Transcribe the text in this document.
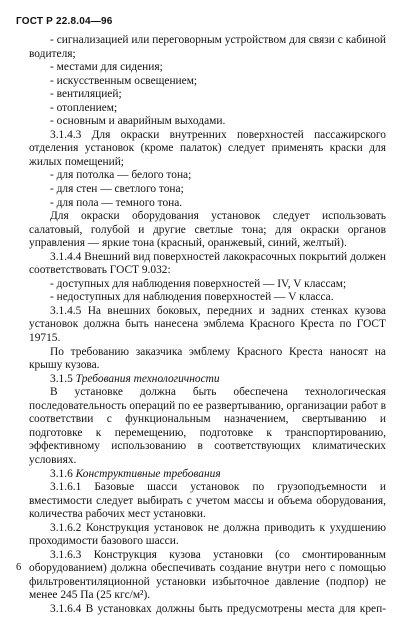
ГОСТ Р 22.8.04—96

- сигнализацией или переговорным устройством для связи с кабиной водителя;

- местами для сидения;

- искусственным освещением;

- вентиляцией;

- отоплением;

- основным и аварийным выходами.

3.1.4.3 Для окраски внутренних поверхностей пассажирского отделения установок (кроме палаток) следует применять краски для жилых помещений;

- для потолка — белого тона;

- для стен — светлого тона;

- для пола — темного тона.

Для окраски оборудования установок следует использовать салатовый, голубой и другие светлые тона; для окраски органов управления — яркие тона (красный, оранжевый, синий, желтый).

3.1.4.4 Внешний вид поверхностей лакокрасочных покрытий должен соответствовать ГОСТ 9.032:

- доступных для наблюдения поверхностей — IV, V классам;

- недоступных для наблюдения поверхностей — V класса.

3.1.4.5 На внешних боковых, передних и задних стенках кузова установок должна быть нанесена эмблема Красного Креста по ГОСТ 19715.

По требованию заказчика эмблему Красного Креста наносят на крышу кузова.

3.1.5 Требования технологичности

В установке должна быть обеспечена технологическая последовательность операций по ее развертыванию, организации работ в соответствии с функциональным назначением, свертыванию и подготовке к перемещению, подготовке к транспортированию, эффективному использованию в соответствующих климатических условиях.

3.1.6 Конструктивные требования

3.1.6.1 Базовые шасси установок по грузоподъемности и вместимости следует выбирать с учетом массы и объема оборудования, количества рабочих мест установки.

3.1.6.2 Конструкция установок не должна приводить к ухудшению проходимости базового шасси.

3.1.6.3 Конструкция кузова установки (со смонтированным оборудованием) должна обеспечивать создание внутри него с помощью фильтровентиляционной установки избыточное давление (подпор) не менее 245 Па (25 кгс/м²).

3.1.6.4 В установках должны быть предусмотрены места для креп-

6
